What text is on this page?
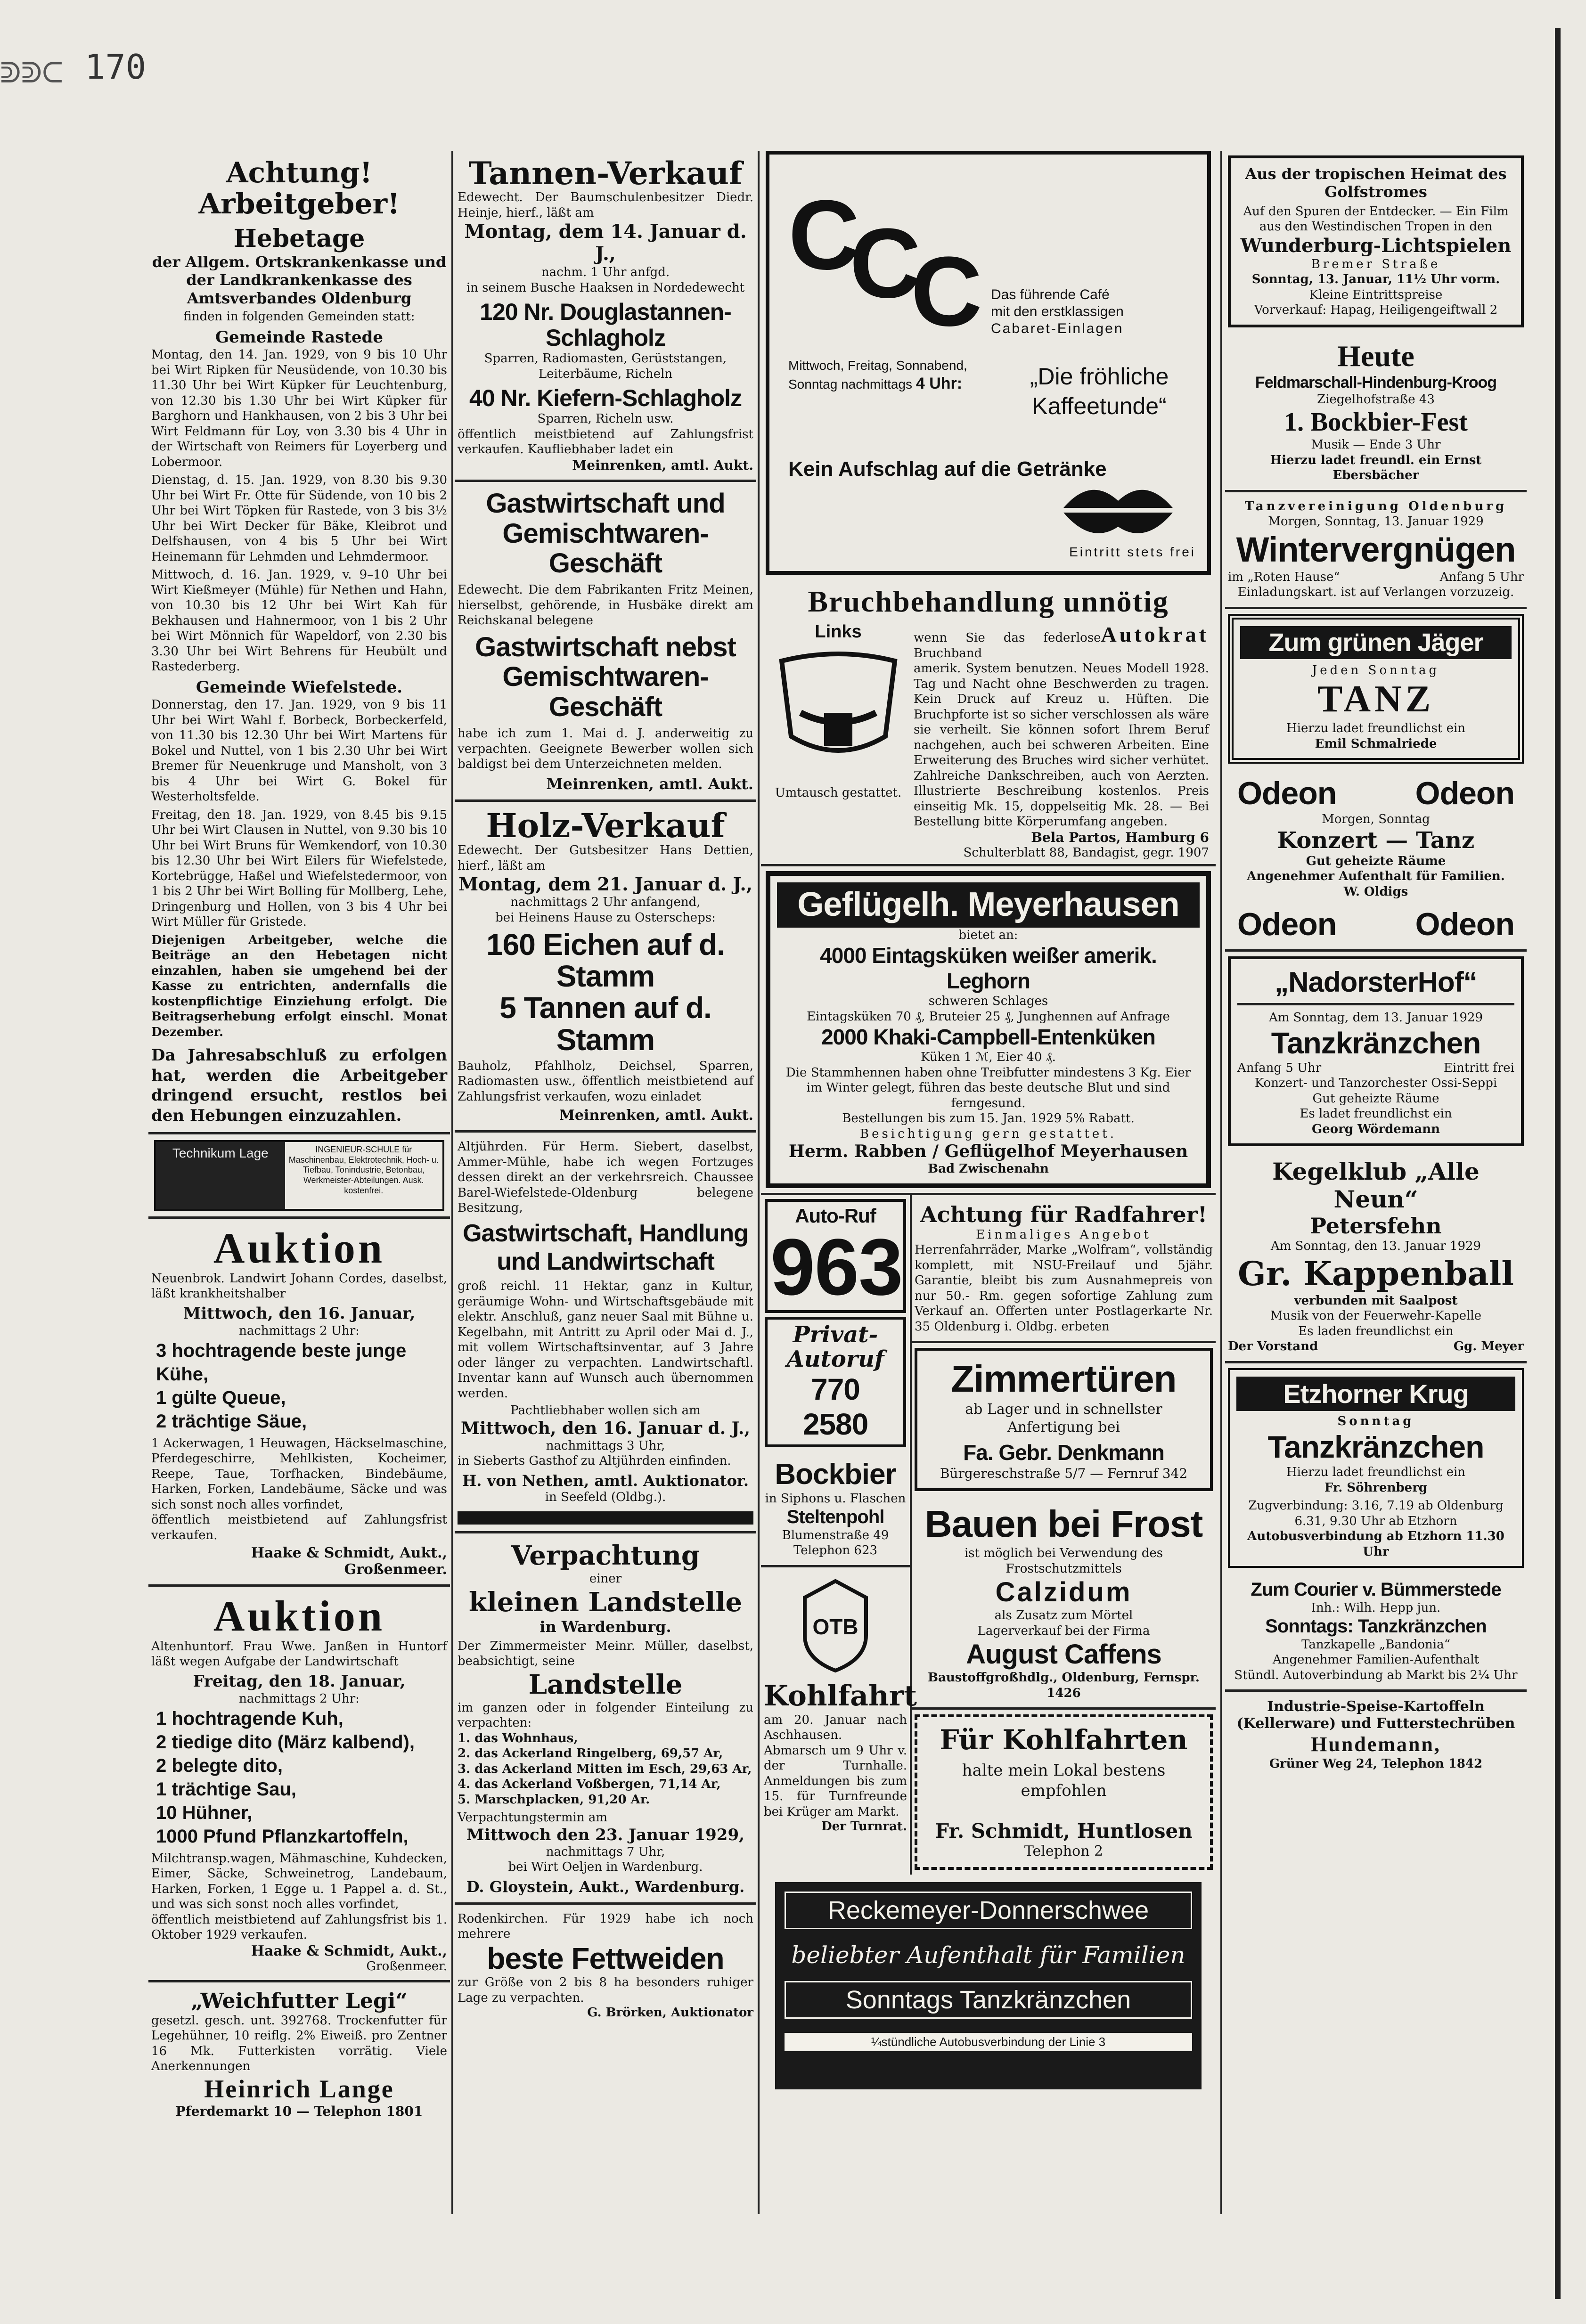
ᕲᕲᑕ 170
Achtung! Arbeitgeber!
Hebetage
der Allgem. Ortskrankenkasse und der Landkrankenkasse des Amtsverbandes Oldenburg
finden in folgenden Gemeinden statt:
Gemeinde Rastede
Montag, den 14. Jan. 1929, von 9 bis 10 Uhr bei Wirt Ripken für Neusüdende, von 10.30 bis 11.30 Uhr bei Wirt Küpker für Leuchtenburg, von 12.30 bis 1.30 Uhr bei Wirt Küpker für Barghorn und Hankhausen, von 2 bis 3 Uhr bei Wirt Feldmann für Loy, von 3.30 bis 4 Uhr in der Wirtschaft von Reimers für Loyerberg und Lobermoor.
Dienstag, d. 15. Jan. 1929, von 8.30 bis 9.30 Uhr bei Wirt Fr. Otte für Südende, von 10 bis 2 Uhr bei Wirt Töpken für Rastede, von 3 bis 3½ Uhr bei Wirt Decker für Bäke, Kleibrot und Delfshausen, von 4 bis 5 Uhr bei Wirt Heinemann für Lehmden und Lehmdermoor.
Mittwoch, d. 16. Jan. 1929, v. 9–10 Uhr bei Wirt Kießmeyer (Mühle) für Nethen und Hahn, von 10.30 bis 12 Uhr bei Wirt Kah für Bekhausen und Hahnermoor, von 1 bis 2 Uhr bei Wirt Mönnich für Wapeldorf, von 2.30 bis 3.30 Uhr bei Wirt Behrens für Heubült und Rastederberg.
Gemeinde Wiefelstede.
Donnerstag, den 17. Jan. 1929, von 9 bis 11 Uhr bei Wirt Wahl f. Borbeck, Borbeckerfeld, von 11.30 bis 12.30 Uhr bei Wirt Martens für Bokel und Nuttel, von 1 bis 2.30 Uhr bei Wirt Bremer für Neuenkruge und Mansholt, von 3 bis 4 Uhr bei Wirt G. Bokel für Westerholtsfelde.
Freitag, den 18. Jan. 1929, von 8.45 bis 9.15 Uhr bei Wirt Clausen in Nuttel, von 9.30 bis 10 Uhr bei Wirt Bruns für Wemkendorf, von 10.30 bis 12.30 Uhr bei Wirt Eilers für Wiefelstede, Kortebrügge, Haßel und Wiefelstedermoor, von 1 bis 2 Uhr bei Wirt Bolling für Mollberg, Lehe, Dringenburg und Hollen, von 3 bis 4 Uhr bei Wirt Müller für Gristede.
Diejenigen Arbeitgeber, welche die Beiträge an den Hebetagen nicht einzahlen, haben sie umgehend bei der Kasse zu entrichten, andernfalls die kostenpflichtige Einziehung erfolgt. Die Beitragserhebung erfolgt einschl. Monat Dezember.
Da Jahresabschluß zu erfolgen hat, werden die Arbeitgeber dringend ersucht, restlos bei den Hebungen einzuzahlen.
Technikum Lage	INGENIEUR-SCHULE für Maschinenbau, Elektrotechnik, Hoch- u. Tiefbau, Tonindustrie, Betonbau, Werkmeister-Abteilungen. Ausk. kostenfrei.
Auktion
Neuenbrok. Landwirt Johann Cordes, daselbst, läßt krankheitshalber
Mittwoch, den 16. Januar,
nachmittags 2 Uhr:
3 hochtragende beste junge Kühe,
1 gülte Queue,
2 trächtige Säue,
1 Ackerwagen, 1 Heuwagen, Häckselmaschine, Pferdegeschirre, Mehlkisten, Kocheimer, Reepe, Taue, Torfhacken, Bindebäume, Harken, Forken, Landebäume, Säcke und was sich sonst noch alles vorfindet,
öffentlich meistbietend auf Zahlungsfrist verkaufen.
Haake & Schmidt, Aukt., Großenmeer.
Auktion
Altenhuntorf. Frau Wwe. Janßen in Huntorf läßt wegen Aufgabe der Landwirtschaft
Freitag, den 18. Januar,
nachmittags 2 Uhr:
1 hochtragende Kuh,
2 tiedige dito (März kalbend),
2 belegte dito,
1 trächtige Sau,
10 Hühner,
1000 Pfund Pflanzkartoffeln,
Milchtransp.wagen, Mähmaschine, Kuhdecken, Eimer, Säcke, Schweinetrog, Landebaum, Harken, Forken, 1 Egge u. 1 Pappel a. d. St., und was sich sonst noch alles vorfindet,
öffentlich meistbietend auf Zahlungsfrist bis 1. Oktober 1929 verkaufen.
Haake & Schmidt, Aukt.,
Großenmeer.
„Weichfutter Legi“
gesetzl. gesch. unt. 392768. Trockenfutter für Legehühner, 10 reiflg. 2% Eiweiß. pro Zentner 16 Mk. Futterkisten vorrätig. Viele Anerkennungen
Heinrich Lange
Pferdemarkt 10 — Telephon 1801
Tannen-Verkauf
Edewecht. Der Baumschulenbesitzer Diedr. Heinje, hierf., läßt am
Montag, dem 14. Januar d. J.,
nachm. 1 Uhr anfgd.
in seinem Busche Haaksen in Nordedewecht
120 Nr. Douglastannen-Schlagholz
Sparren, Radiomasten, Gerüststangen, Leiterbäume, Richeln
40 Nr. Kiefern-Schlagholz
Sparren, Richeln usw.
öffentlich meistbietend auf Zahlungsfrist verkaufen. Kaufliebhaber ladet ein
Meinrenken, amtl. Aukt.
Gastwirtschaft und Gemischtwaren-Geschäft
Edewecht. Die dem Fabrikanten Fritz Meinen, hierselbst, gehörende, in Husbäke direkt am Reichskanal belegene
Gastwirtschaft nebst Gemischtwaren-Geschäft
habe ich zum 1. Mai d. J. anderweitig zu verpachten. Geeignete Bewerber wollen sich baldigst bei dem Unterzeichneten melden.
Meinrenken, amtl. Aukt.
Holz-Verkauf
Edewecht. Der Gutsbesitzer Hans Dettien, hierf., läßt am
Montag, dem 21. Januar d. J.,
nachmittags 2 Uhr anfangend,
bei Heinens Hause zu Osterscheps:
160 Eichen auf d. Stamm
5 Tannen auf d. Stamm
Bauholz, Pfahlholz, Deichsel, Sparren, Radiomasten usw., öffentlich meistbietend auf Zahlungsfrist verkaufen, wozu einladet
Meinrenken, amtl. Aukt.
Altjührden. Für Herm. Siebert, daselbst, Ammer-Mühle, habe ich wegen Fortzuges dessen direkt an der verkehrsreich. Chaussee Barel-Wiefelstede-Oldenburg belegene Besitzung,
Gastwirtschaft, Handlung und Landwirtschaft
groß reichl. 11 Hektar, ganz in Kultur, geräumige Wohn- und Wirtschaftsgebäude mit elektr. Anschluß, ganz neuer Saal mit Bühne u. Kegelbahn, mit Antritt zu April oder Mai d. J., mit vollem Wirtschaftsinventar, auf 3 Jahre oder länger zu verpachten. Landwirtschaftl. Inventar kann auf Wunsch auch übernommen werden.
Pachtliebhaber wollen sich am
Mittwoch, den 16. Januar d. J.,
nachmittags 3 Uhr,
in Sieberts Gasthof zu Altjührden einfinden.
H. von Nethen, amtl. Auktionator.
in Seefeld (Oldbg.).
Verpachtung
einer
kleinen Landstelle
in Wardenburg.
Der Zimmermeister Meinr. Müller, daselbst, beabsichtigt, seine
Landstelle
im ganzen oder in folgender Einteilung zu verpachten:
1. das Wohnhaus,
2. das Ackerland Ringelberg, 69,57 Ar,
3. das Ackerland Mitten im Esch, 29,63 Ar,
4. das Ackerland Voßbergen, 71,14 Ar,
5. Marschplacken, 91,20 Ar.
Verpachtungstermin am
Mittwoch den 23. Januar 1929,
nachmittags 7 Uhr,
bei Wirt Oeljen in Wardenburg.
D. Gloystein, Aukt., Wardenburg.
Rodenkirchen. Für 1929 habe ich noch mehrere
beste Fettweiden
zur Größe von 2 bis 8 ha besonders ruhiger Lage zu verpachten.
G. Brörken, Auktionator
C
C
C Das führende Café
mit den erstklassigen
Cabaret-Einlagen
Mittwoch, Freitag, Sonnabend, Sonntag nachmittags 4 Uhr:	„Die fröhliche Kaffeetunde“
Kein Aufschlag auf die Getränke
Eintritt stets frei
Bruchbehandlung unnötig
Links
Umtausch gestattet.
wenn Sie das federlose Bruchband
Autokrat
amerik. System benutzen. Neues Modell 1928. Tag und Nacht ohne Beschwerden zu tragen. Kein Druck auf Kreuz u. Hüften. Die Bruchpforte ist so sicher verschlossen als wäre sie verheilt. Sie können sofort Ihrem Beruf nachgehen, auch bei schweren Arbeiten. Eine Erweiterung des Bruches wird sicher verhütet. Zahlreiche Dankschreiben, auch von Aerzten. Illustrierte Beschreibung kostenlos. Preis einseitig Mk. 15, doppelseitig Mk. 28. — Bei Bestellung bitte Körperumfang angeben.
Bela Partos, Hamburg 6
Schulterblatt 88, Bandagist, gegr. 1907
Geflügelh. Meyerhausen
bietet an:
4000 Eintagsküken weißer amerik. Leghorn
schweren Schlages
Eintagsküken 70 ₰, Bruteier 25 ₰, Junghennen auf Anfrage
2000 Khaki-Campbell-Entenküken
Küken 1 ℳ, Eier 40 ₰.
Die Stammhennen haben ohne Treibfutter mindestens 3 Kg. Eier im Winter gelegt, führen das beste deutsche Blut und sind ferngesund.
Bestellungen bis zum 15. Jan. 1929 5% Rabatt.
Besichtigung gern gestattet.
Herm. Rabben / Geflügelhof Meyerhausen
Bad Zwischenahn
Auto-Ruf
963
Privat-Autoruf
770
2580
Bockbier
in Siphons u. Flaschen
Steltenpohl
Blumenstraße 49
Telephon 623
OTB
Kohlfahrt
am 20. Januar nach Aschhausen. Abmarsch um 9 Uhr v. der Turnhalle. Anmeldungen bis zum 15. für Turnfreunde bei Krüger am Markt.
Der Turnrat.
Achtung für Radfahrer!
Einmaliges Angebot
Herrenfahrräder, Marke „Wolfram“, vollständig komplett, mit NSU-Freilauf und 5jähr. Garantie, bleibt bis zum Ausnahmepreis von nur 50.- Rm. gegen sofortige Zahlung zum Verkauf an. Offerten unter Postlagerkarte Nr. 35 Oldenburg i. Oldbg. erbeten
Zimmertüren
ab Lager und in schnellster Anfertigung bei
Fa. Gebr. Denkmann
Bürgereschstraße 5/7 — Fernruf 342
Bauen bei Frost
ist möglich bei Verwendung des Frostschutzmittels
Calzidum
als Zusatz zum Mörtel
Lagerverkauf bei der Firma
August Caffens
Baustoffgroßhdlg., Oldenburg, Fernspr. 1426
Für Kohlfahrten
halte mein Lokal bestens empfohlen
Fr. Schmidt, Huntlosen
Telephon 2
Reckemeyer-Donnerschwee
beliebter Aufenthalt für Familien
Sonntags Tanzkränzchen
¼stündliche Autobusverbindung der Linie 3
Aus der tropischen Heimat des Golfstromes
Auf den Spuren der Entdecker. — Ein Film aus den Westindischen Tropen in den
Wunderburg-Lichtspielen
Bremer Straße
Sonntag, 13. Januar, 11½ Uhr vorm.
Kleine Eintrittspreise
Vorverkauf: Hapag, Heiligengeiftwall 2
Heute
Feldmarschall-Hindenburg-Kroog
Ziegelhofstraße 43
1. Bockbier-Fest
Musik — Ende 3 Uhr
Hierzu ladet freundl. ein Ernst Ebersbächer
Tanzvereinigung Oldenburg
Morgen, Sonntag, 13. Januar 1929
Wintervergnügen
im „Roten Hause“	Anfang 5 Uhr
Einladungskart. ist auf Verlangen vorzuzeig.
Zum grünen Jäger
Jeden Sonntag
TANZ
Hierzu ladet freundlichst ein
Emil Schmalriede
Odeon Odeon
Morgen, Sonntag
Konzert — Tanz
Gut geheizte Räume
Angenehmer Aufenthalt für Familien.
W. Oldigs
Odeon Odeon
„NadorsterHof“
Am Sonntag, dem 13. Januar 1929
Tanzkränzchen
Anfang 5 Uhr	Eintritt frei
Konzert- und Tanzorchester Ossi-Seppi
Gut geheizte Räume
Es ladet freundlichst ein
Georg Wördemann
Kegelklub „Alle Neun“
Petersfehn
Am Sonntag, den 13. Januar 1929
Gr. Kappenball
verbunden mit Saalpost
Musik von der Feuerwehr-Kapelle
Es laden freundlichst ein
Der Vorstand	Gg. Meyer
Etzhorner Krug
Sonntag
Tanzkränzchen
Hierzu ladet freundlichst ein
Fr. Söhrenberg
Zugverbindung: 3.16, 7.19 ab Oldenburg
6.31, 9.30 Uhr ab Etzhorn
Autobusverbindung ab Etzhorn 11.30 Uhr
Zum Courier v. Bümmerstede
Inh.: Wilh. Hepp jun.
Sonntags: Tanzkränzchen
Tanzkapelle „Bandonia“
Angenehmer Familien-Aufenthalt
Stündl. Autoverbindung ab Markt bis 2¼ Uhr
Industrie-Speise-Kartoffeln (Kellerware) und Futterstechrüben
Hundemann,
Grüner Weg 24, Telephon 1842
